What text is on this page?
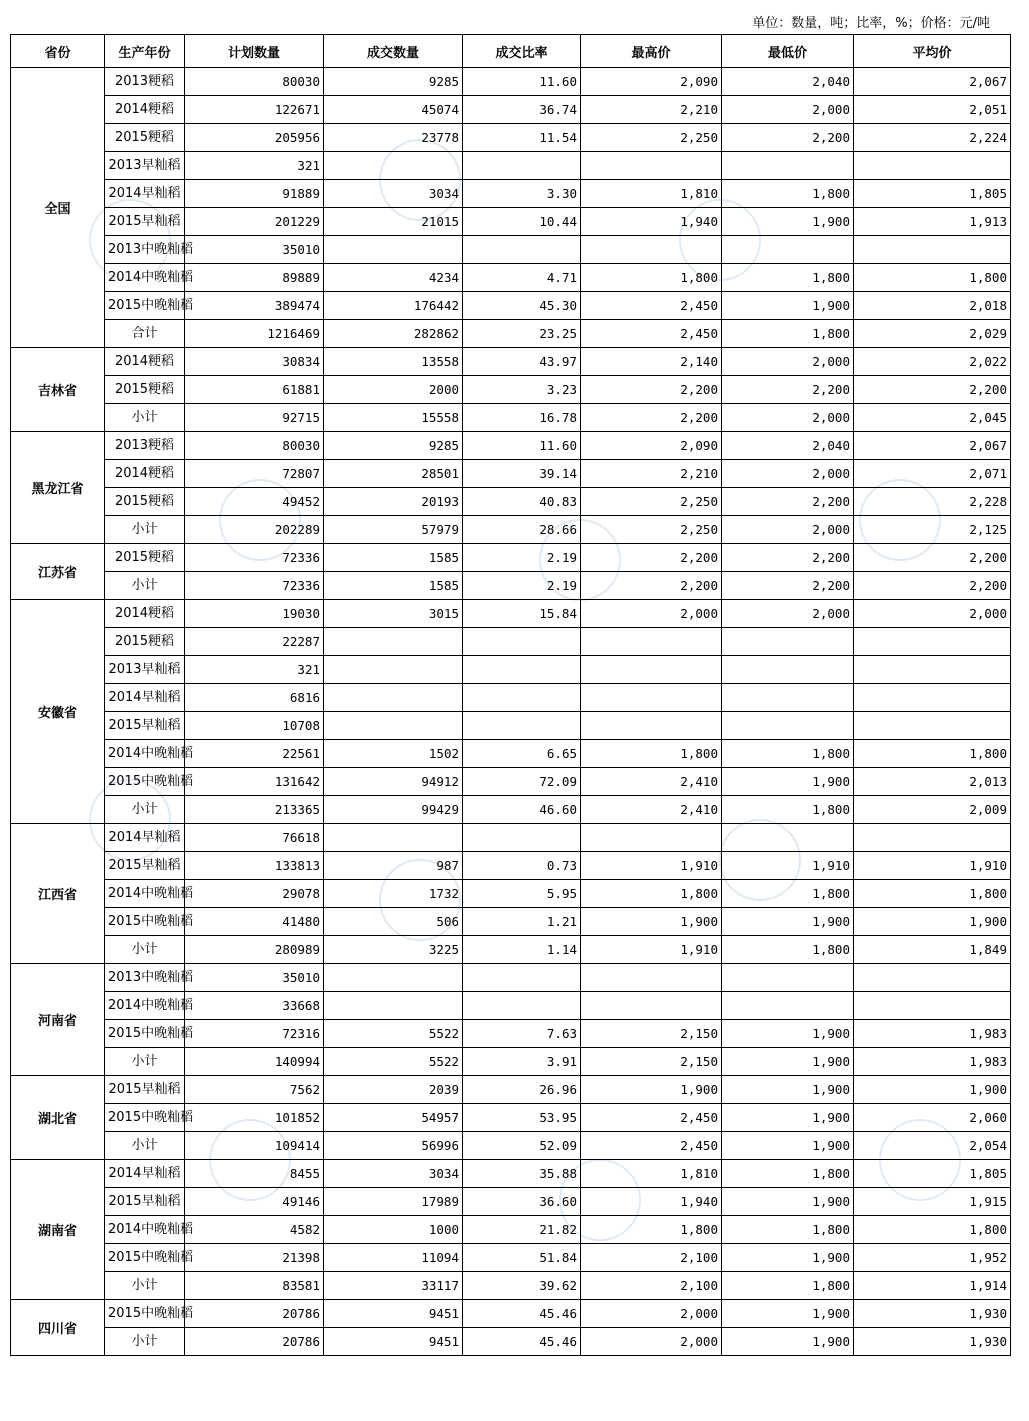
单位：数量，吨；比率，%；价格：元/吨
省份	生产年份	计划数量	成交数量	成交比率	最高价	最低价	平均价
全国	2013粳稻	80030	9285	11.60	2,090	2,040	2,067
	2014粳稻	122671	45074	36.74	2,210	2,000	2,051
	2015粳稻	205956	23778	11.54	2,250	2,200	2,224
	2013早籼稻	321					
	2014早籼稻	91889	3034	3.30	1,810	1,800	1,805
	2015早籼稻	201229	21015	10.44	1,940	1,900	1,913
	2013中晚籼稻	35010					
	2014中晚籼稻	89889	4234	4.71	1,800	1,800	1,800
	2015中晚籼稻	389474	176442	45.30	2,450	1,900	2,018
	合计	1216469	282862	23.25	2,450	1,800	2,029
吉林省	2014粳稻	30834	13558	43.97	2,140	2,000	2,022
	2015粳稻	61881	2000	3.23	2,200	2,200	2,200
	小计	92715	15558	16.78	2,200	2,000	2,045
黑龙江省	2013粳稻	80030	9285	11.60	2,090	2,040	2,067
	2014粳稻	72807	28501	39.14	2,210	2,000	2,071
	2015粳稻	49452	20193	40.83	2,250	2,200	2,228
	小计	202289	57979	28.66	2,250	2,000	2,125
江苏省	2015粳稻	72336	1585	2.19	2,200	2,200	2,200
	小计	72336	1585	2.19	2,200	2,200	2,200
安徽省	2014粳稻	19030	3015	15.84	2,000	2,000	2,000
	2015粳稻	22287					
	2013早籼稻	321					
	2014早籼稻	6816					
	2015早籼稻	10708					
	2014中晚籼稻	22561	1502	6.65	1,800	1,800	1,800
	2015中晚籼稻	131642	94912	72.09	2,410	1,900	2,013
	小计	213365	99429	46.60	2,410	1,800	2,009
江西省	2014早籼稻	76618					
	2015早籼稻	133813	987	0.73	1,910	1,910	1,910
	2014中晚籼稻	29078	1732	5.95	1,800	1,800	1,800
	2015中晚籼稻	41480	506	1.21	1,900	1,900	1,900
	小计	280989	3225	1.14	1,910	1,800	1,849
河南省	2013中晚籼稻	35010					
	2014中晚籼稻	33668					
	2015中晚籼稻	72316	5522	7.63	2,150	1,900	1,983
	小计	140994	5522	3.91	2,150	1,900	1,983
湖北省	2015早籼稻	7562	2039	26.96	1,900	1,900	1,900
	2015中晚籼稻	101852	54957	53.95	2,450	1,900	2,060
	小计	109414	56996	52.09	2,450	1,900	2,054
湖南省	2014早籼稻	8455	3034	35.88	1,810	1,800	1,805
	2015早籼稻	49146	17989	36.60	1,940	1,900	1,915
	2014中晚籼稻	4582	1000	21.82	1,800	1,800	1,800
	2015中晚籼稻	21398	11094	51.84	2,100	1,900	1,952
	小计	83581	33117	39.62	2,100	1,800	1,914
四川省	2015中晚籼稻	20786	9451	45.46	2,000	1,900	1,930
	小计	20786	9451	45.46	2,000	1,900	1,930
